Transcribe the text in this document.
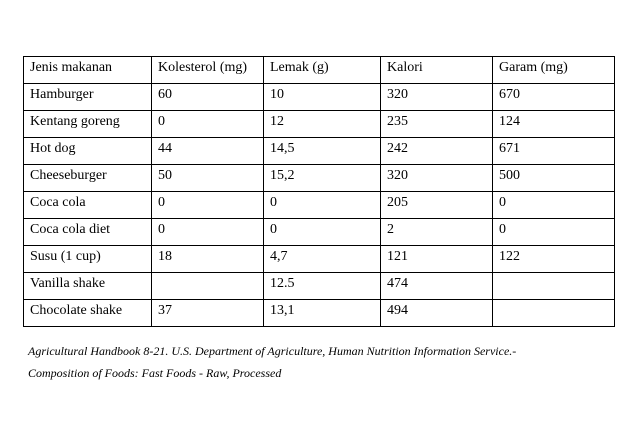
Jenis makanan	Kolesterol (mg)	Lemak (g)	Kalori	Garam (mg)
Hamburger	60	10	320	670
Kentang goreng	0	12	235	124
Hot dog	44	14,5	242	671
Cheeseburger	50	15,2	320	500
Coca cola	0	0	205	0
Coca cola diet	0	0	2	0
Susu (1 cup)	18	4,7	121	122
Vanilla shake		12.5	474	
Chocolate shake	37	13,1	494	
Agricultural Handbook 8-21. U.S. Department of Agriculture, Human Nutrition Information Service.-
Composition of Foods: Fast Foods - Raw, Processed
